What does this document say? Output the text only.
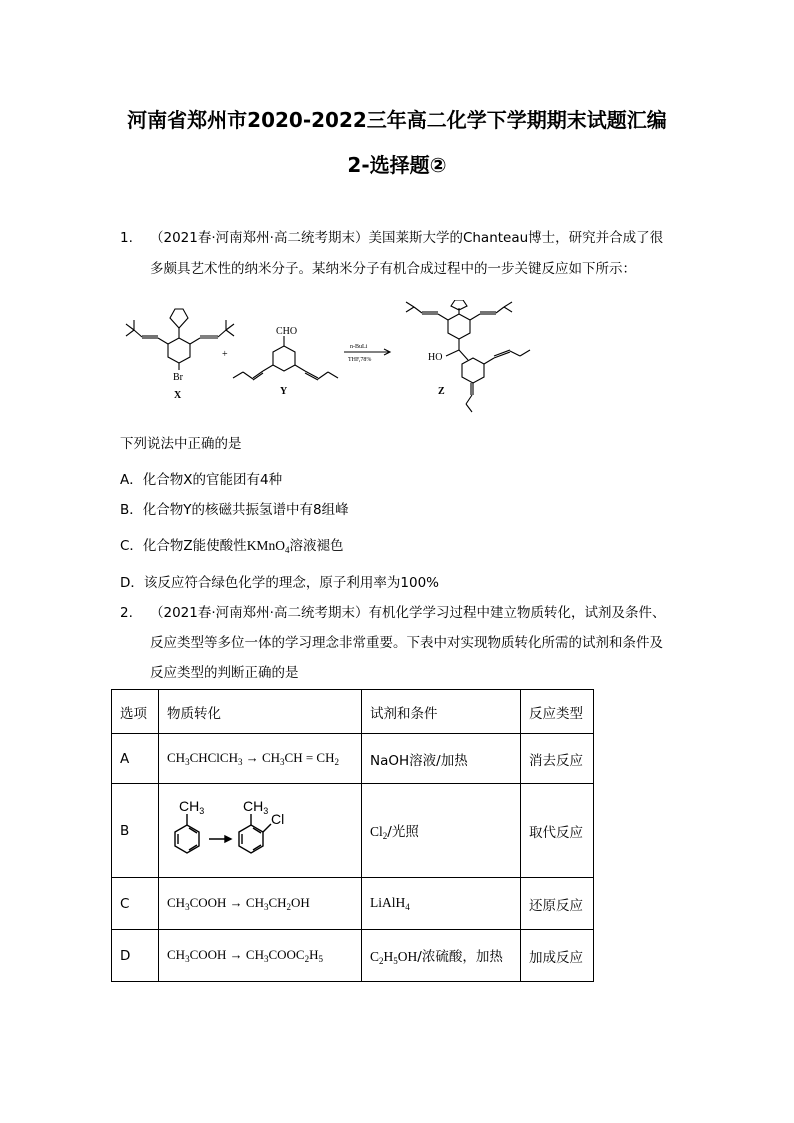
河南省郑州市2020-2022三年高二化学下学期期末试题汇编
2-选择题②
1. （2021春·河南郑州·高二统考期末）美国莱斯大学的Chanteau博士，研究并合成了很
多颇具艺术性的纳米分子。某纳米分子有机合成过程中的一步关键反应如下所示：
Br
X
+
CHO
Y
n-BuLi
THF,78%	HO
Z
下列说法中正确的是
A．化合物X的官能团有4种
B．化合物Y的核磁共振氢谱中有8组峰
C．化合物Z能使酸性KMnO$_4$溶液褪色
D．该反应符合绿色化学的理念，原子利用率为100%
2. （2021春·河南郑州·高二统考期末）有机化学学习过程中建立物质转化，试剂及条件、
反应类型等多位一体的学习理念非常重要。下表中对实现物质转化所需的试剂和条件及
反应类型的判断正确的是
选项	物质转化	试剂和条件	反应类型
A	$CH_3CHClCH_3 \to CH_3CH = CH_2$	NaOH溶液/加热	消去反应
B	$CH_3$ $CH_3$ Cl	$Cl_2/$光照	取代反应
C	$CH_3COOH \to CH_3CH_2OH$	LiAlH$_4$	还原反应
D	$CH_3COOH$ → $CH_3COOC_2H_5$	$C_2H_5OH/$浓硫酸，加热	加成反应
